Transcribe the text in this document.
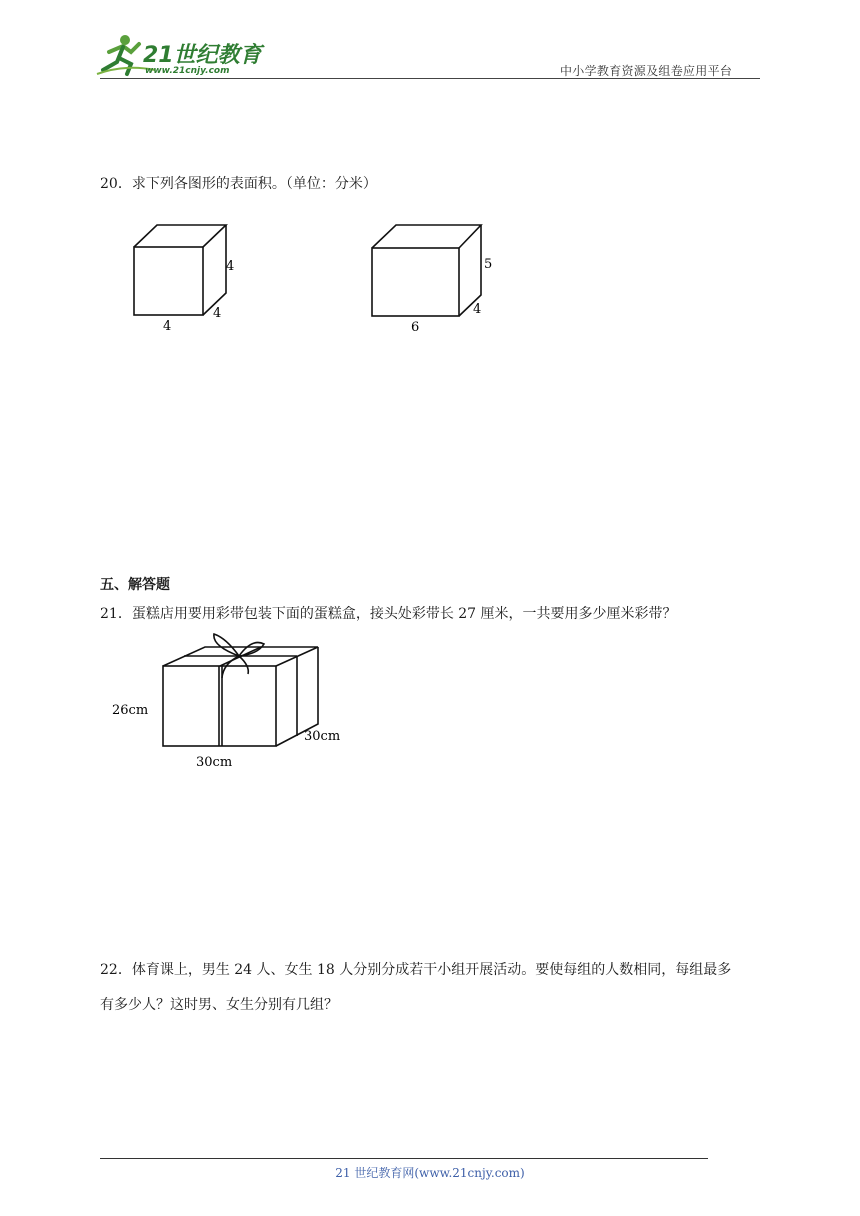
21世纪教育
www.21cnjy.com	中小学教育资源及组卷应用平台
20．求下列各图形的表面积。（单位：分米）
4
4
4
5
4
6
五、解答题
21．蛋糕店用要用彩带包装下面的蛋糕盒，接头处彩带长 27 厘米，一共要用多少厘米彩带？
26cm
30cm
30cm
22．体育课上，男生 24 人、女生 18 人分别分成若干小组开展活动。要使每组的人数相同，每组最多
有多少人？这时男、女生分别有几组？
21 世纪教育网(www.21cnjy.com)
